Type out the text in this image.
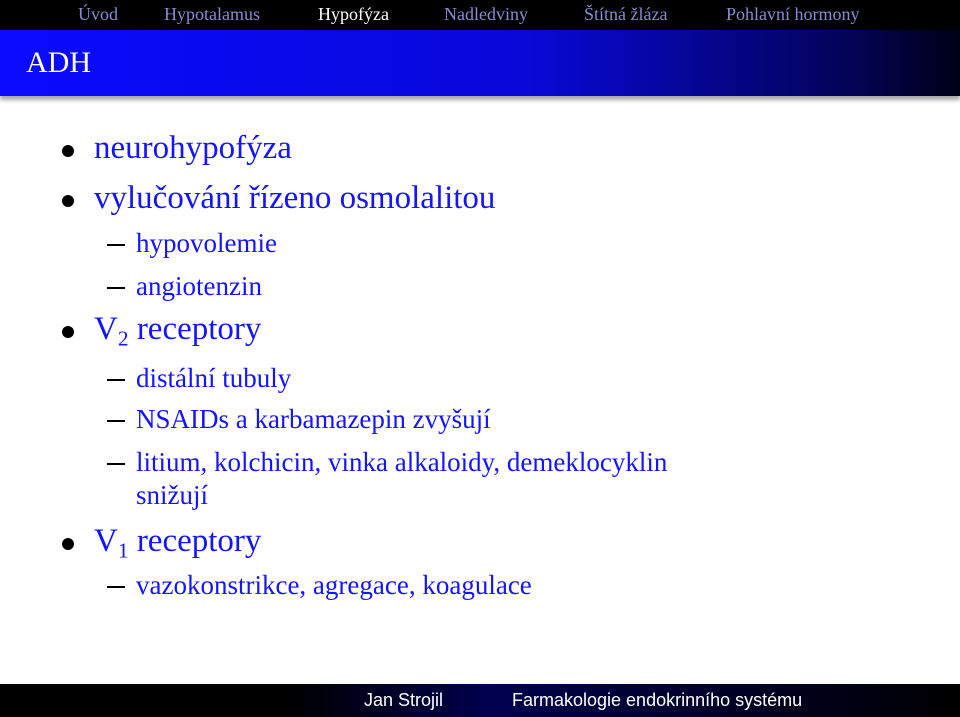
Úvod	Hypotalamus	Hypofýza	Nadledviny	Štítná žláza	Pohlavní hormony
ADH
neurohypofýza
vylučování řízeno osmolalitou
hypovolemie
angiotenzin
$V_2$ receptory
distální tubuly
NSAIDs a karbamazepin zvyšují
litium, kolchicin, vinka alkaloidy, demeklocyklin
snižují
$V_1$ receptory
vazokonstrikce, agregace, koagulace
Jan Strojil	Farmakologie endokrinního systému
